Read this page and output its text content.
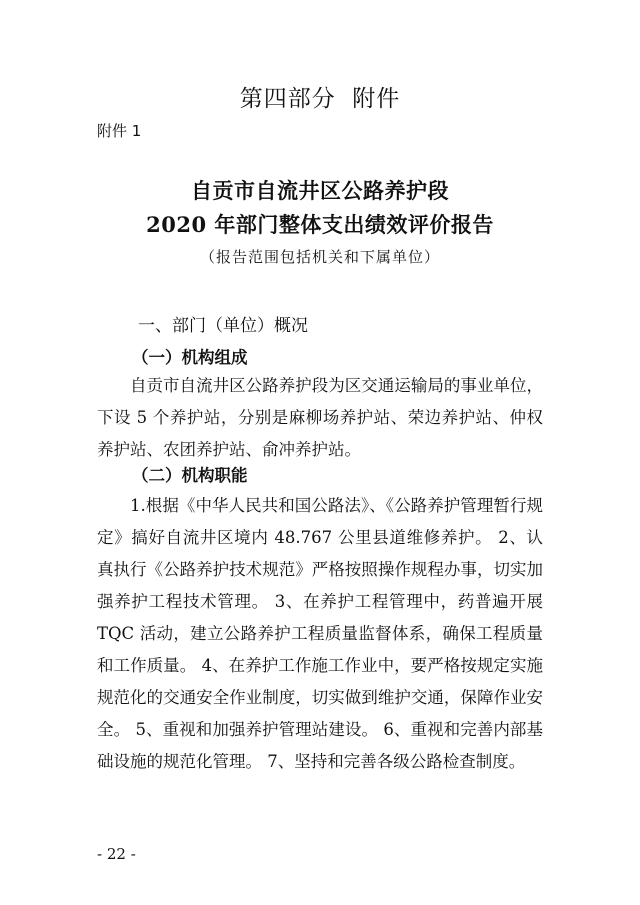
第四部分  附件
附件 1
自贡市自流井区公路养护段
2020 年部门整体支出绩效评价报告
（报告范围包括机关和下属单位）
一、部门（单位）概况
（一）机构组成
自贡市自流井区公路养护段为区交通运输局的事业单位，下设 5 个养护站，分别是麻柳场养护站、荣边养护站、仲权养护站、农团养护站、俞冲养护站。
（二）机构职能
1.根据《中华人民共和国公路法》、《公路养护管理暂行规定》搞好自流井区境内 48.767 公里县道维修养护。 2、认真执行《公路养护技术规范》严格按照操作规程办事，切实加强养护工程技术管理。 3、在养护工程管理中，药普遍开展 TQC 活动，建立公路养护工程质量监督体系，确保工程质量和工作质量。 4、在养护工作施工作业中，要严格按规定实施规范化的交通安全作业制度，切实做到维护交通，保障作业安全。 5、重视和加强养护管理站建设。 6、重视和完善内部基础设施的规范化管理。 7、坚持和完善各级公路检查制度。
- 22 -
